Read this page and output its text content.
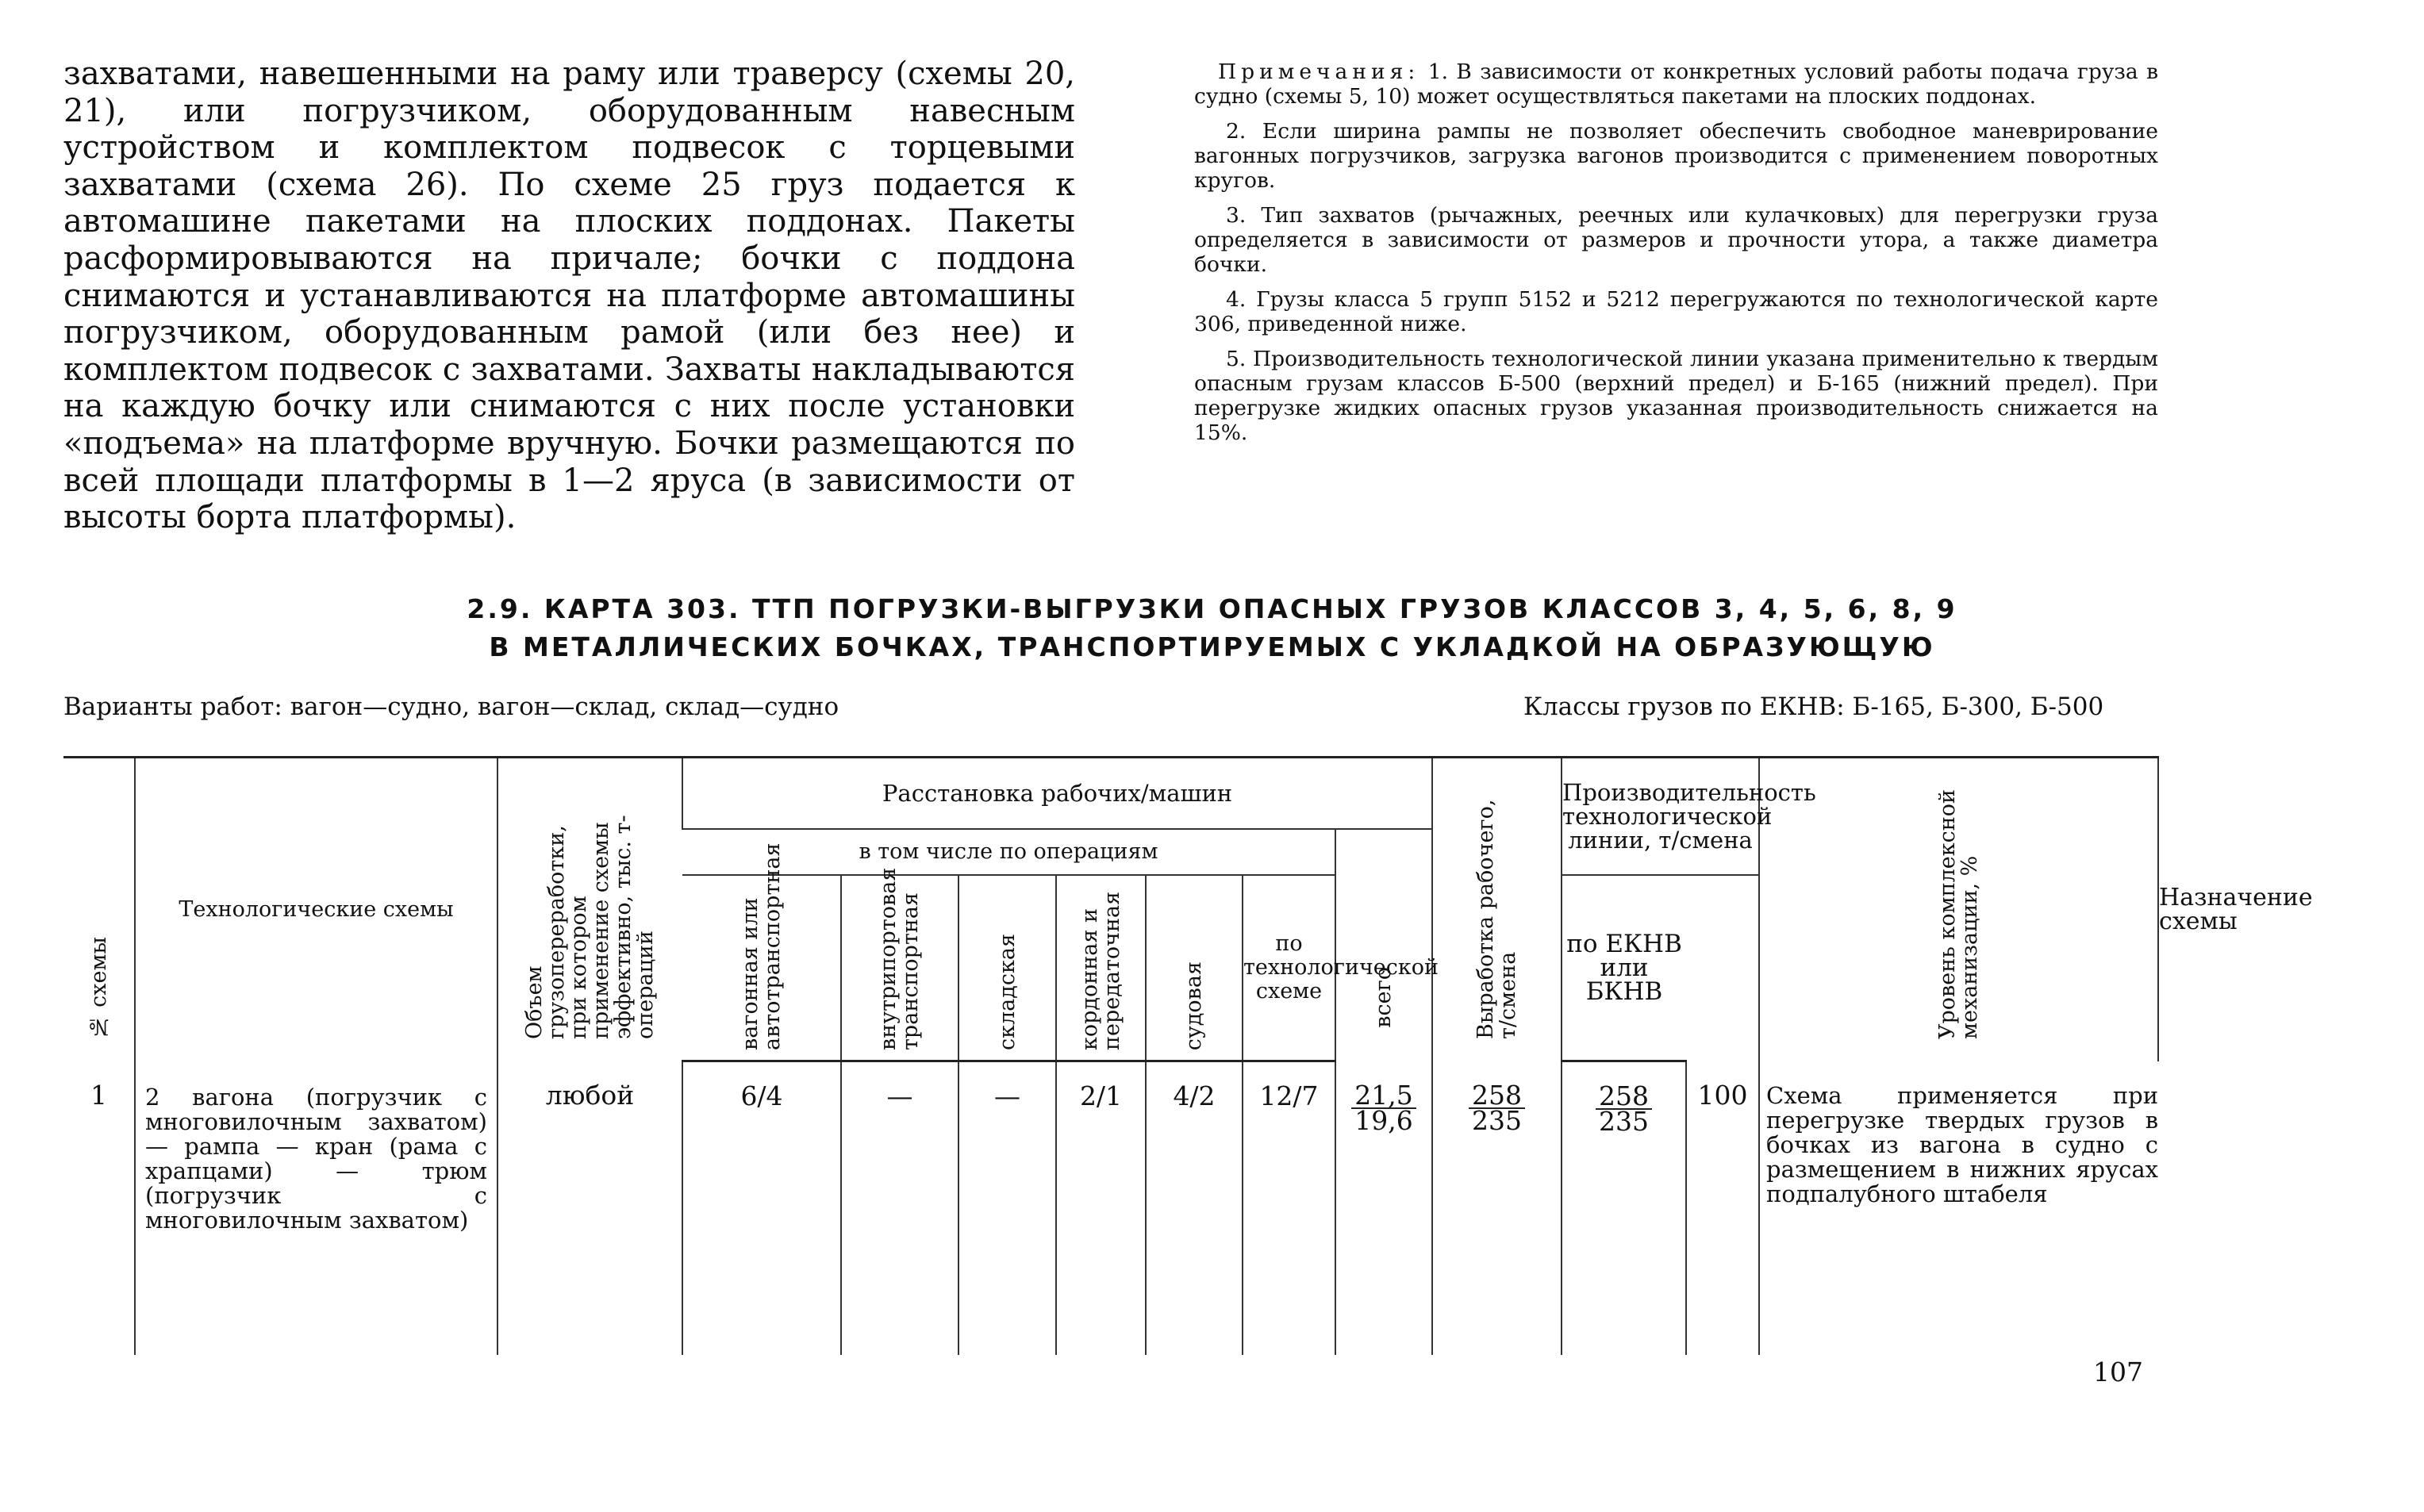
захватами, навешенными на раму или траверсу (схемы 20, 21), или погрузчиком, оборудованным навесным устройством и комплектом подвесок с торцевыми захватами (схема 26). По схеме 25 груз подается к автомашине пакетами на плоских поддонах. Пакеты расформировываются на причале; бочки с поддона снимаются и устанавливаются на платформе автомашины погрузчиком, оборудованным рамой (или без нее) и комплектом подвесок с захватами. Захваты накладываются на каждую бочку или снимаются с них после установки «подъема» на платформе вручную. Бочки размещаются по всей площади платформы в 1—2 яруса (в зависимости от высоты борта платформы).

Примечания: 1. В зависимости от конкретных условий работы подача груза в судно (схемы 5, 10) может осуществляться пакетами на плоских поддонах.

2. Если ширина рампы не позволяет обеспечить свободное маневрирование вагонных погрузчиков, загрузка вагонов производится с применением поворотных кругов.

3. Тип захватов (рычажных, реечных или кулачковых) для перегрузки груза определяется в зависимости от размеров и прочности утора, а также диаметра бочки.

4. Грузы класса 5 групп 5152 и 5212 перегружаются по технологической карте 306, приведенной ниже.

5. Производительность технологической линии указана применительно к твердым опасным грузам классов Б-500 (верхний предел) и Б-165 (нижний предел). При перегрузке жидких опасных грузов указанная производительность снижается на 15%.

2.9. КАРТА 303. ТТП ПОГРУЗКИ-ВЫГРУЗКИ ОПАСНЫХ ГРУЗОВ КЛАССОВ 3, 4, 5, 6, 8, 9

В МЕТАЛЛИЧЕСКИХ БОЧКАХ, ТРАНСПОРТИРУЕМЫХ С УКЛАДКОЙ НА ОБРАЗУЮЩУЮ

Варианты работ: вагон—судно, вагон—склад, склад—судно	Классы грузов по ЕКНВ: Б-165, Б-300, Б-500
№ схемы	Технологические схемы	Объем грузопереработки, при котором применение схемы эффективно, тыс. т-операций	Расстановка рабочих/машин							Выработка рабочего, т/смена	Производительность технологической линии, т/смена		Уровень комплексной механизации, %	Назначение схемы
			в том числе по операциям						всего					

			вагонная или автотранспортная	внутрипортовая транспортная	складская	кордонная и передаточная	судовая	по технологической схеме			по ЕКНВ или БКНВ			
1	2 вагона (погрузчик с многовилочным захватом) — рампа — кран (рама с храпцами) — трюм (погрузчик с многовилочным захватом)	любой	6/4	—	—	2/1	4/2	12/7	$\frac{21,5}{19,6}$	$\frac{258}{235}$	$\frac{258}{235}$	100	Схема применяется при перегрузке твердых грузов в бочках из вагона в судно с размещением в нижних ярусах подпалубного штабеля	
107
